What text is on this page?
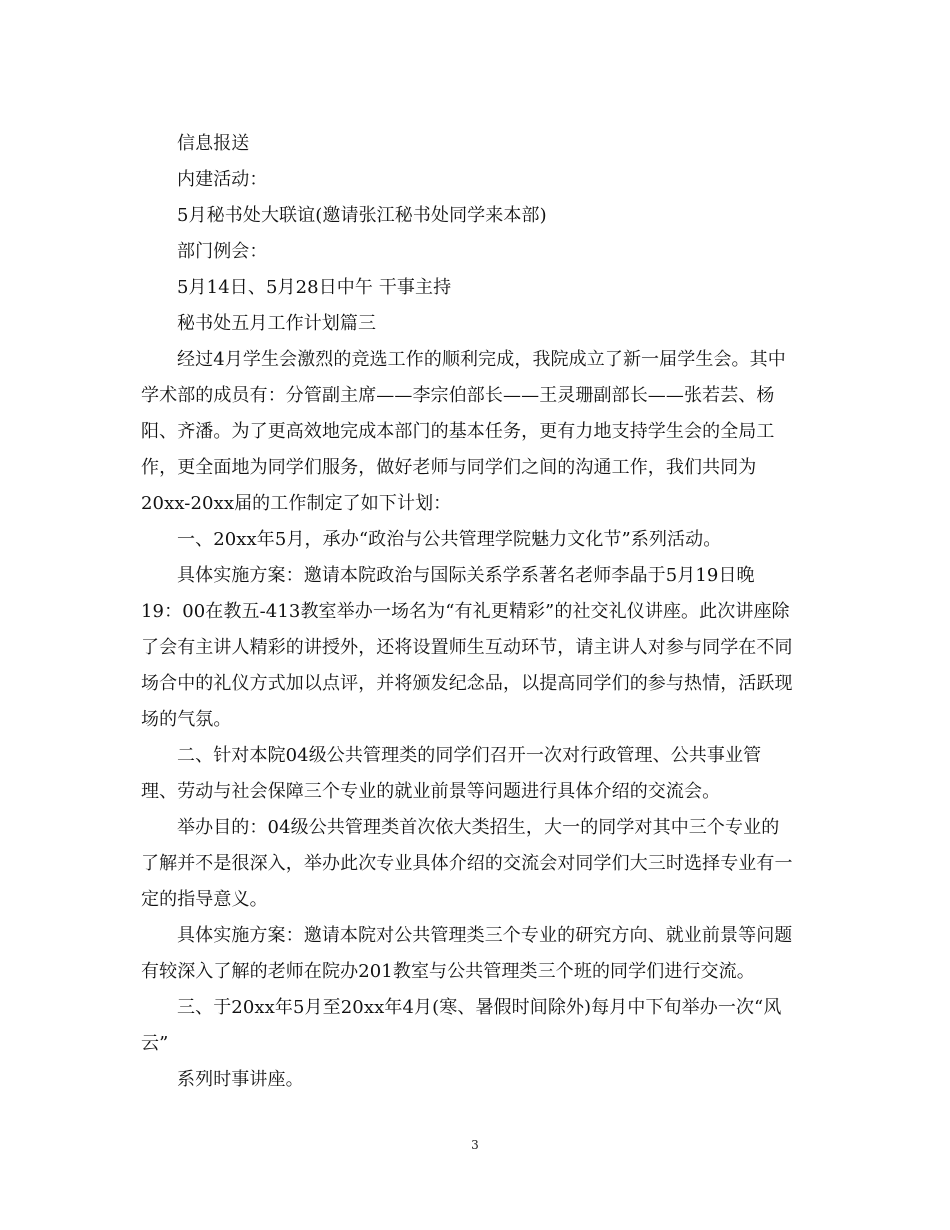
信息报送
内建活动：
5月秘书处大联谊(邀请张江秘书处同学来本部)
部门例会：
5月14日、5月28日中午 干事主持
秘书处五月工作计划篇三
经过4月学生会激烈的竞选工作的顺利完成，我院成立了新一届学生会。其中
学术部的成员有：分管副主席——李宗伯部长——王灵珊副部长——张若芸、杨
阳、齐潘。为了更高效地完成本部门的基本任务，更有力地支持学生会的全局工
作，更全面地为同学们服务，做好老师与同学们之间的沟通工作，我们共同为
20xx-20xx届的工作制定了如下计划：
一、20xx年5月，承办“政治与公共管理学院魅力文化节”系列活动。
具体实施方案：邀请本院政治与国际关系学系著名老师李晶于5月19日晚
19：00在教五-413教室举办一场名为“有礼更精彩”的社交礼仪讲座。此次讲座除
了会有主讲人精彩的讲授外，还将设置师生互动环节，请主讲人对参与同学在不同
场合中的礼仪方式加以点评，并将颁发纪念品，以提高同学们的参与热情，活跃现
场的气氛。
二、针对本院04级公共管理类的同学们召开一次对行政管理、公共事业管
理、劳动与社会保障三个专业的就业前景等问题进行具体介绍的交流会。
举办目的：04级公共管理类首次依大类招生，大一的同学对其中三个专业的
了解并不是很深入，举办此次专业具体介绍的交流会对同学们大三时选择专业有一
定的指导意义。
具体实施方案：邀请本院对公共管理类三个专业的研究方向、就业前景等问题
有较深入了解的老师在院办201教室与公共管理类三个班的同学们进行交流。
三、于20xx年5月至20xx年4月(寒、暑假时间除外)每月中下旬举办一次“风
云”
系列时事讲座。
3
